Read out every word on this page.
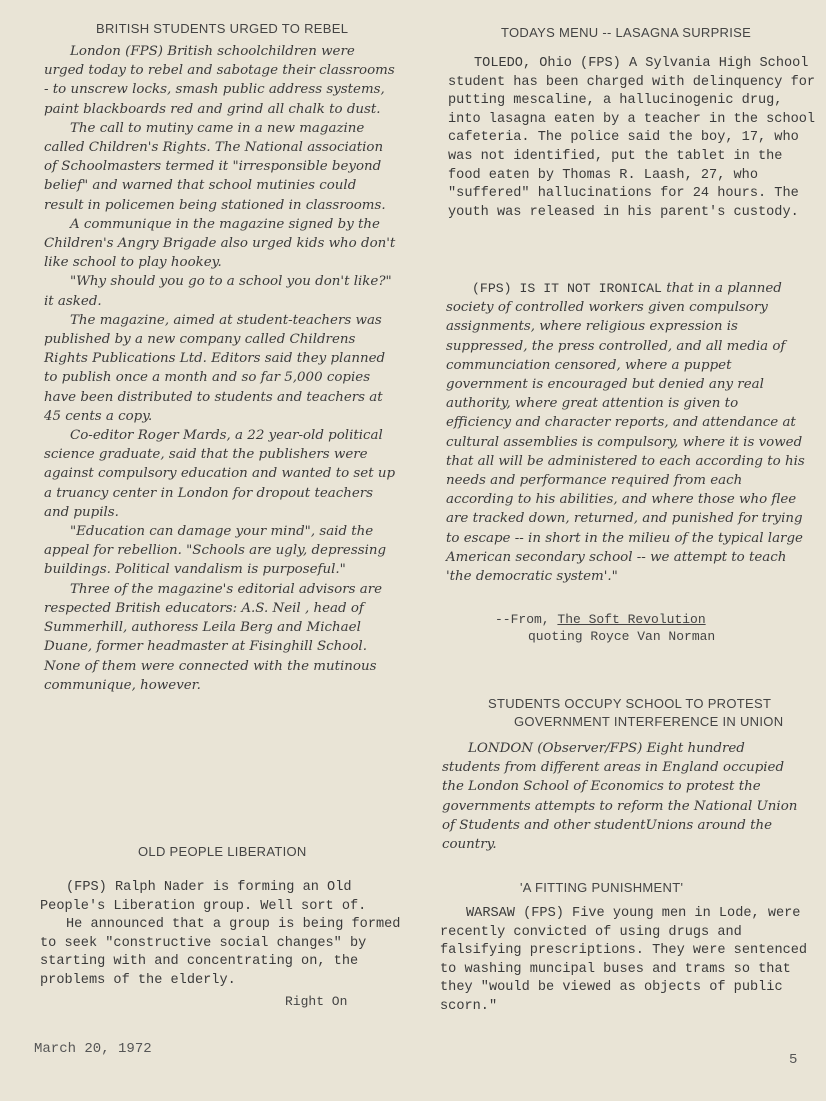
BRITISH STUDENTS URGED TO REBEL

London (FPS) British schoolchildren were urged today to rebel and sabotage their classrooms - to unscrew locks, smash public address systems, paint blackboards red and grind all chalk to dust.

The call to mutiny came in a new magazine called Children's Rights. The National association of Schoolmasters termed it "irresponsible beyond belief" and warned that school mutinies could result in policemen being stationed in classrooms.

A communique in the magazine signed by the Children's Angry Brigade also urged kids who don't like school to play hookey.

"Why should you go to a school you don't like?" it asked.

The magazine, aimed at student-teachers was published by a new company called Childrens Rights Publications Ltd. Editors said they planned to publish once a month and so far 5,000 copies have been distributed to students and teachers at 45 cents a copy.

Co-editor Roger Mards, a 22 year-old political science graduate, said that the publishers were against compulsory education and wanted to set up a truancy center in London for dropout teachers and pupils.

"Education can damage your mind", said the appeal for rebellion. "Schools are ugly, depressing buildings. Political vandalism is purposeful."

Three of the magazine's editorial advisors are respected British educators: A.S. Neil , head of Summerhill, authoress Leila Berg and Michael Duane, former headmaster at Fisinghill School. None of them were connected with the mutinous communique, however.

OLD PEOPLE LIBERATION

(FPS) Ralph Nader is forming an Old People's Liberation group. Well sort of.

He announced that a group is being formed to seek "constructive social changes" by starting with and concentrating on, the problems of the elderly.

Right On
March 20, 1972
TODAYS MENU -- LASAGNA SURPRISE

TOLEDO, Ohio (FPS) A Sylvania High School student has been charged with delinquency for putting mescaline, a hallucinogenic drug, into lasagna eaten by a teacher in the school cafeteria. The police said the boy, 17, who was not identified, put the tablet in the food eaten by Thomas R. Laash, 27, who "suffered" hallucinations for 24 hours. The youth was released in his parent's custody.

(FPS) IS IT NOT IRONICAL that in a planned society of controlled workers given compulsory assignments, where religious expression is suppressed, the press controlled, and all media of communciation censored, where a puppet government is encouraged but denied any real authority, where great attention is given to efficiency and character reports, and attendance at cultural assemblies is compulsory, where it is vowed that all will be administered to each according to his needs and performance required from each according to his abilities, and where those who flee are tracked down, returned, and punished for trying to escape -- in short in the milieu of the typical large American secondary school -- we attempt to teach 'the democratic system'."

--From, The Soft Revolution
quoting Royce Van Norman
STUDENTS OCCUPY SCHOOL TO PROTEST
GOVERNMENT INTERFERENCE IN UNION

LONDON (Observer/FPS) Eight hundred students from different areas in England occupied the London School of Economics to protest the governments attempts to reform the National Union of Students and other studentUnions around the country.

'A FITTING PUNISHMENT'

WARSAW (FPS) Five young men in Lode, were recently convicted of using drugs and falsifying prescriptions. They were sentenced to washing muncipal buses and trams so that they "would be viewed as objects of public scorn."

5
